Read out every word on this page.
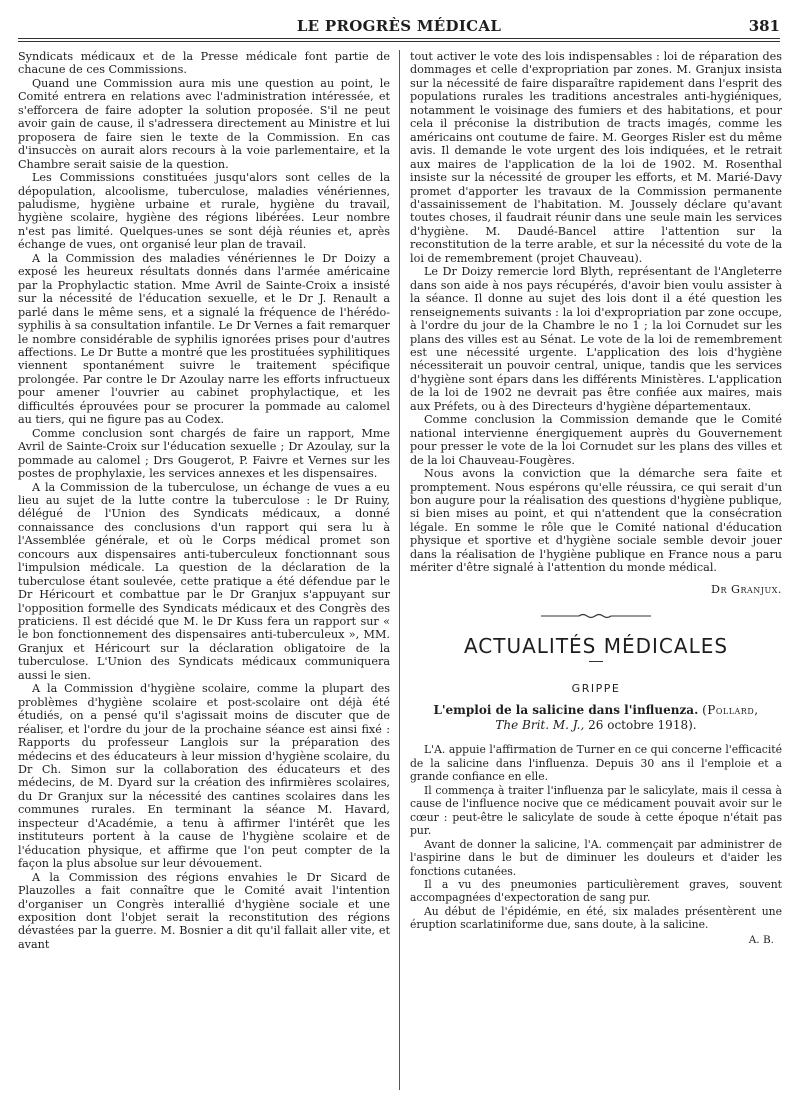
LE PROGRÈS MÉDICAL	381

Syndicats médicaux et de la Presse médicale font partie de chacune de ces Commissions.

Quand une Commission aura mis une question au point, le Comité entrera en relations avec l'administration intéressée, et s'efforcera de faire adopter la solution proposée. S'il ne peut avoir gain de cause, il s'adressera directement au Ministre et lui proposera de faire sien le texte de la Commission. En cas d'insuccès on aurait alors recours à la voie parlementaire, et la Chambre serait saisie de la question.

Les Commissions constituées jusqu'alors sont celles de la dépopulation, alcoolisme, tuberculose, maladies vénériennes, paludisme, hygiène urbaine et rurale, hygiène du travail, hygiène scolaire, hygiène des régions libérées. Leur nombre n'est pas limité. Quelques-unes se sont déjà réunies et, après échange de vues, ont organisé leur plan de travail.

A la Commission des maladies vénériennes le Dr Doizy a exposé les heureux résultats donnés dans l'armée américaine par la Prophylactic station. Mme Avril de Sainte-Croix a insisté sur la nécessité de l'éducation sexuelle, et le Dr J. Renault a parlé dans le même sens, et a signalé la fréquence de l'hérédo-syphilis à sa consultation infantile. Le Dr Vernes a fait remarquer le nombre considérable de syphilis ignorées prises pour d'autres affections. Le Dr Butte a montré que les prostituées syphilitiques viennent spontanément suivre le traitement spécifique prolongée. Par contre le Dr Azoulay narre les efforts infructueux pour amener l'ouvrier au cabinet prophylactique, et les difficultés éprouvées pour se procurer la pommade au calomel au tiers, qui ne figure pas au Codex.

Comme conclusion sont chargés de faire un rapport, Mme Avril de Sainte-Croix sur l'éducation sexuelle ; Dr Azoulay, sur la pommade au calomel ; Drs Gougerot, P. Faivre et Vernes sur les postes de prophylaxie, les services annexes et les dispensaires.

A la Commission de la tuberculose, un échange de vues a eu lieu au sujet de la lutte contre la tuberculose : le Dr Ruiny, délégué de l'Union des Syndicats médicaux, a donné connaissance des conclusions d'un rapport qui sera lu à l'Assemblée générale, et où le Corps médical promet son concours aux dispensaires anti-tuberculeux fonctionnant sous l'impulsion médicale. La question de la déclaration de la tuberculose étant soulevée, cette pratique a été défendue par le Dr Héricourt et combattue par le Dr Granjux s'appuyant sur l'opposition formelle des Syndicats médicaux et des Congrès des praticiens. Il est décidé que M. le Dr Kuss fera un rapport sur « le bon fonctionnement des dispensaires anti-tuberculeux », MM. Granjux et Héricourt sur la déclaration obligatoire de la tuberculose. L'Union des Syndicats médicaux communiquera aussi le sien.

A la Commission d'hygiène scolaire, comme la plupart des problèmes d'hygiène scolaire et post-scolaire ont déjà été étudiés, on a pensé qu'il s'agissait moins de discuter que de réaliser, et l'ordre du jour de la prochaine séance est ainsi fixé : Rapports du professeur Langlois sur la préparation des médecins et des éducateurs à leur mission d'hygiène scolaire, du Dr Ch. Simon sur la collaboration des éducateurs et des médecins, de M. Dyard sur la création des infirmières scolaires, du Dr Granjux sur la nécessité des cantines scolaires dans les communes rurales. En terminant la séance M. Havard, inspecteur d'Académie, a tenu à affirmer l'intérêt que les instituteurs portent à la cause de l'hygiène scolaire et de l'éducation physique, et affirme que l'on peut compter de la façon la plus absolue sur leur dévouement.

A la Commission des régions envahies le Dr Sicard de Plauzolles a fait connaître que le Comité avait l'intention d'organiser un Congrès interallié d'hygiène sociale et une exposition dont l'objet serait la reconstitution des régions dévastées par la guerre. M. Bosnier a dit qu'il fallait aller vite, et avant

tout activer le vote des lois indispensables : loi de réparation des dommages et celle d'expropriation par zones. M. Granjux insista sur la nécessité de faire disparaître rapidement dans l'esprit des populations rurales les traditions ancestrales anti-hygiéniques, notamment le voisinage des fumiers et des habitations, et pour cela il préconise la distribution de tracts imagés, comme les américains ont coutume de faire. M. Georges Risler est du même avis. Il demande le vote urgent des lois indiquées, et le retrait aux maires de l'application de la loi de 1902. M. Rosenthal insiste sur la nécessité de grouper les efforts, et M. Marié-Davy promet d'apporter les travaux de la Commission permanente d'assainissement de l'habitation. M. Joussely déclare qu'avant toutes choses, il faudrait réunir dans une seule main les services d'hygiène. M. Daudé-Bancel attire l'attention sur la reconstitution de la terre arable, et sur la nécessité du vote de la loi de remembrement (projet Chauveau).

Le Dr Doizy remercie lord Blyth, représentant de l'Angleterre dans son aide à nos pays récupérés, d'avoir bien voulu assister à la séance. Il donne au sujet des lois dont il a été question les renseignements suivants : la loi d'expropriation par zone occupe, à l'ordre du jour de la Chambre le no 1 ; la loi Cornudet sur les plans des villes est au Sénat. Le vote de la loi de remembrement est une nécessité urgente. L'application des lois d'hygiène nécessiterait un pouvoir central, unique, tandis que les services d'hygiène sont épars dans les différents Ministères. L'application de la loi de 1902 ne devrait pas être confiée aux maires, mais aux Préfets, ou à des Directeurs d'hygiène départementaux.

Comme conclusion la Commission demande que le Comité national intervienne énergiquement auprès du Gouvernement pour presser le vote de la loi Cornudet sur les plans des villes et de la loi Chauveau-Fougères.

Nous avons la conviction que la démarche sera faite et promptement. Nous espérons qu'elle réussira, ce qui serait d'un bon augure pour la réalisation des questions d'hygiène publique, si bien mises au point, et qui n'attendent que la consécration légale. En somme le rôle que le Comité national d'éducation physique et sportive et d'hygiène sociale semble devoir jouer dans la réalisation de l'hygiène publique en France nous a paru mériter d'être signalé à l'attention du monde médical.

Dr Granjux.
ACTUALITÉS MÉDICALES
GRIPPE
L'emploi de la salicine dans l'influenza. (Pollard,
The Brit. M. J., 26 octobre 1918).

L'A. appuie l'affirmation de Turner en ce qui concerne l'efficacité de la salicine dans l'influenza. Depuis 30 ans il l'emploie et a grande confiance en elle.

Il commença à traiter l'influenza par le salicylate, mais il cessa à cause de l'influence nocive que ce médicament pouvait avoir sur le cœur : peut-être le salicylate de soude à cette époque n'était pas pur.

Avant de donner la salicine, l'A. commençait par administrer de l'aspirine dans le but de diminuer les douleurs et d'aider les fonctions cutanées.

Il a vu des pneumonies particulièrement graves, souvent accompagnées d'expectoration de sang pur.

Au début de l'épidémie, en été, six malades présentèrent une éruption scarlatiniforme due, sans doute, à la salicine.

A. B.
